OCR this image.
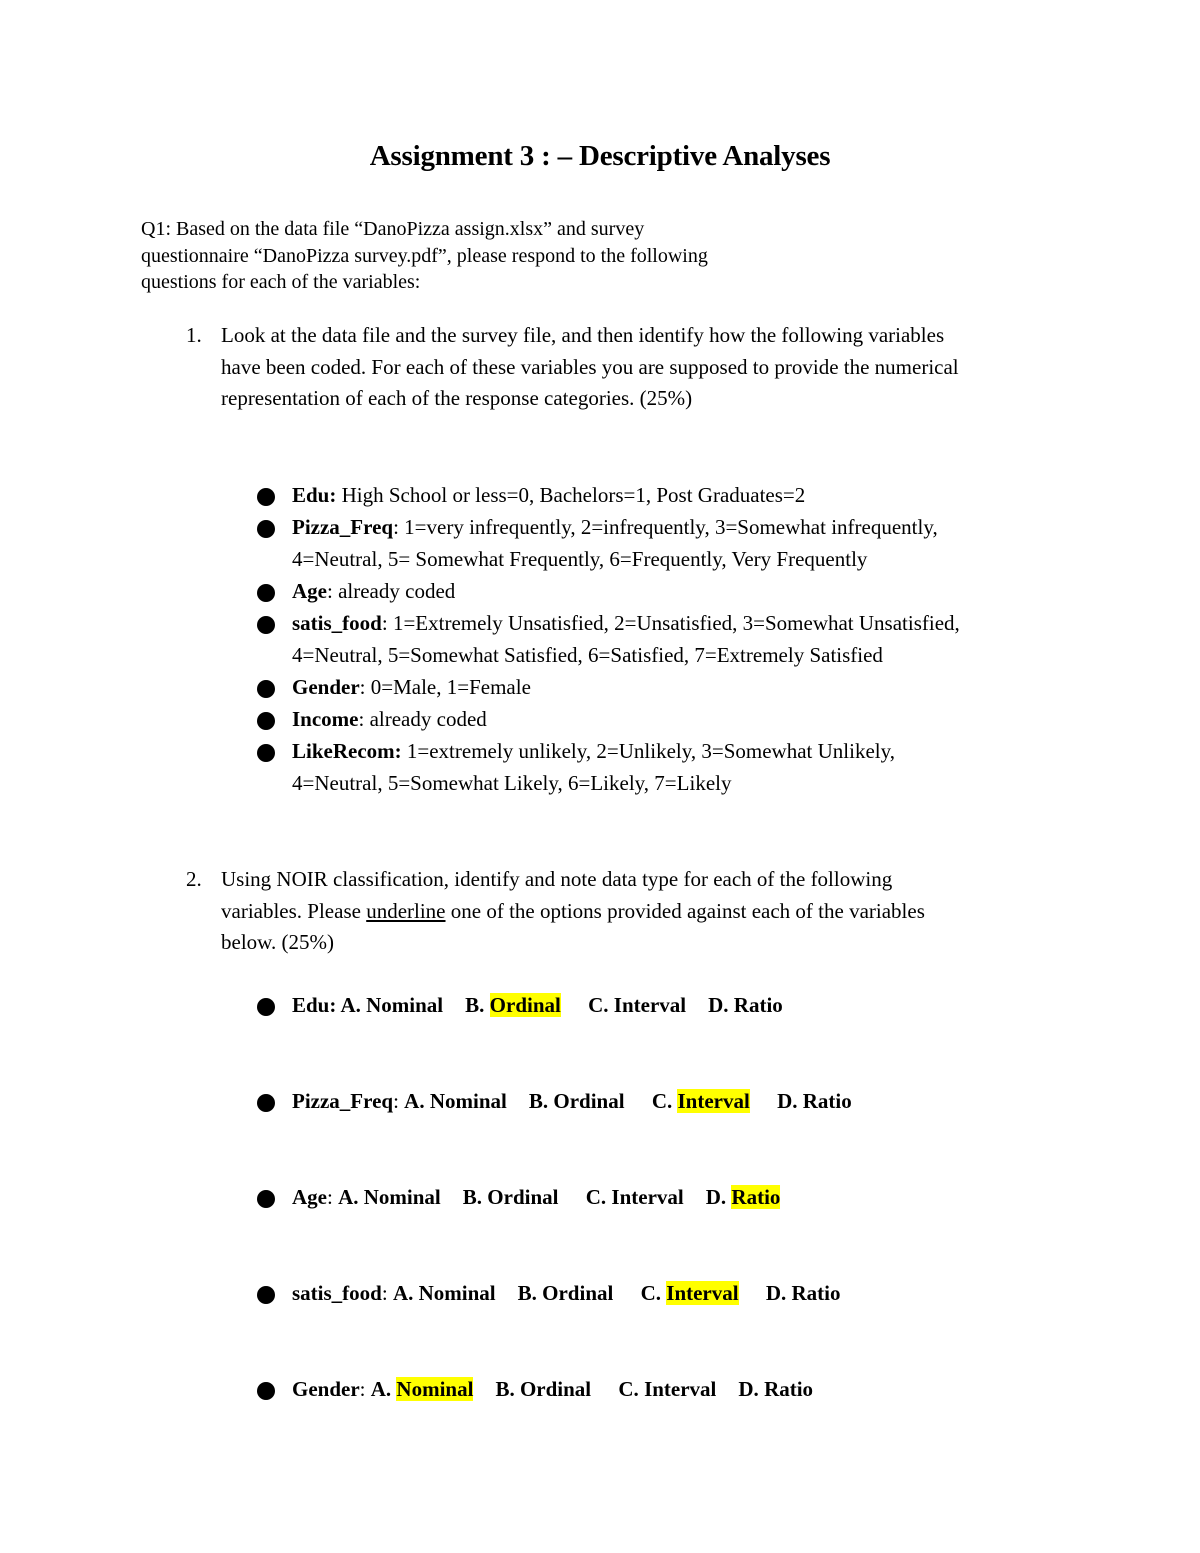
Assignment 3 : – Descriptive Analyses
Q1: Based on the data file “DanoPizza assign.xlsx” and survey
questionnaire “DanoPizza survey.pdf”, please respond to the following
questions for each of the variables:
1. Look at the data file and the survey file, and then identify how the following variables
have been coded. For each of these variables you are supposed to provide the numerical
representation of each of the response categories. (25%)
Edu: High School or less=0, Bachelors=1, Post Graduates=2
Pizza_Freq: 1=very infrequently, 2=infrequently, 3=Somewhat infrequently,
4=Neutral, 5= Somewhat Frequently, 6=Frequently, Very Frequently
Age: already coded
satis_food: 1=Extremely Unsatisfied, 2=Unsatisfied, 3=Somewhat Unsatisfied,
4=Neutral, 5=Somewhat Satisfied, 6=Satisfied, 7=Extremely Satisfied
Gender: 0=Male, 1=Female
Income: already coded
LikeRecom: 1=extremely unlikely, 2=Unlikely, 3=Somewhat Unlikely,
4=Neutral, 5=Somewhat Likely, 6=Likely, 7=Likely
2. Using NOIR classification, identify and note data type for each of the following
variables. Please underline one of the options provided against each of the variables
below. (25%)
Edu: A. Nominal B. Ordinal C. Interval D. Ratio
Pizza_Freq: A. Nominal B. Ordinal C. Interval D. Ratio
Age: A. Nominal B. Ordinal C. Interval D. Ratio
satis_food: A. Nominal B. Ordinal C. Interval D. Ratio
Gender: A. Nominal B. Ordinal C. Interval D. Ratio
